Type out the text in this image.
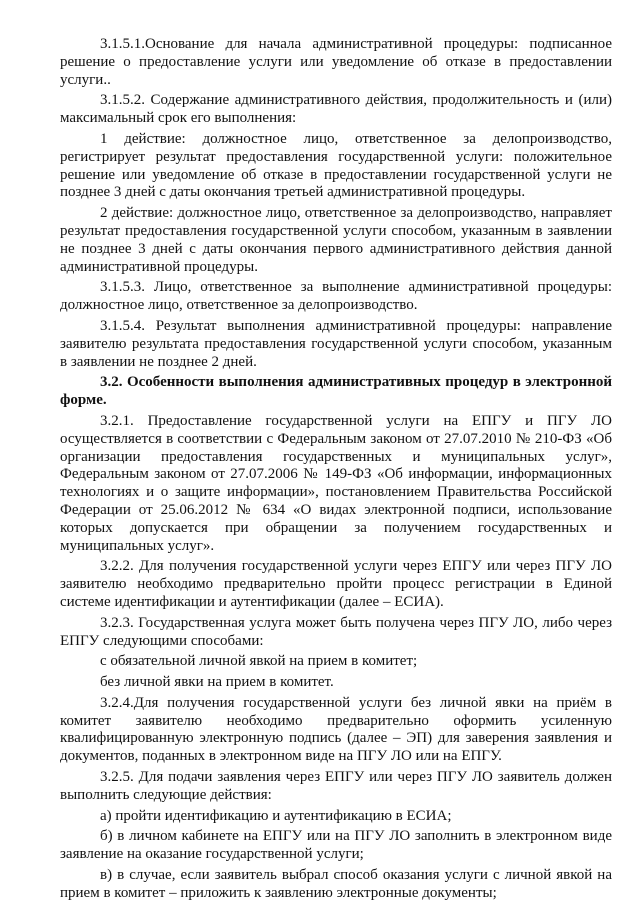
3.1.5.1.Основание для начала административной процедуры: подписанное решение о предоставление услуги или уведомление об отказе в предоставлении услуги..

3.1.5.2. Содержание административного действия, продолжительность и (или) максимальный срок его выполнения:

1 действие: должностное лицо, ответственное за делопроизводство, регистрирует результат предоставления государственной услуги: положительное решение или уведомление об отказе в предоставлении государственной услуги не позднее 3 дней с даты окончания третьей административной процедуры.

2 действие: должностное лицо, ответственное за делопроизводство, направляет результат предоставления государственной услуги способом, указанным в заявлении не позднее 3 дней с даты окончания первого административного действия данной административной процедуры.

3.1.5.3. Лицо, ответственное за выполнение административной процедуры: должностное лицо, ответственное за делопроизводство.

3.1.5.4. Результат выполнения административной процедуры: направление заявителю результата предоставления государственной услуги способом, указанным в заявлении не позднее 2 дней.

3.2. Особенности выполнения административных процедур в электронной форме.

3.2.1. Предоставление государственной услуги на ЕПГУ и ПГУ ЛО осуществляется в соответствии с Федеральным законом от 27.07.2010 № 210-ФЗ «Об организации предоставления государственных и муниципальных услуг», Федеральным законом от 27.07.2006 № 149-ФЗ «Об информации, информационных технологиях и о защите информации», постановлением Правительства Российской Федерации от 25.06.2012 № 634 «О видах электронной подписи, использование которых допускается при обращении за получением государственных и муниципальных услуг».

3.2.2. Для получения государственной услуги через ЕПГУ или через ПГУ ЛО заявителю необходимо предварительно пройти процесс регистрации в Единой системе идентификации и аутентификации (далее – ЕСИА).

3.2.3. Государственная услуга может быть получена через ПГУ ЛО, либо через ЕПГУ следующими способами:

с обязательной личной явкой на прием в комитет;

без личной явки на прием в комитет.

3.2.4.Для получения государственной услуги без личной явки на приём в комитет заявителю необходимо предварительно оформить усиленную квалифицированную электронную подпись (далее – ЭП) для заверения заявления и документов, поданных в электронном виде на ПГУ ЛО или на ЕПГУ.

3.2.5. Для подачи заявления через ЕПГУ или через ПГУ ЛО заявитель должен выполнить следующие действия:

а) пройти идентификацию и аутентификацию в ЕСИА;

б) в личном кабинете на ЕПГУ или на ПГУ ЛО заполнить в электронном виде заявление на оказание государственной услуги;

в) в случае, если заявитель выбрал способ оказания услуги с личной явкой на прием в комитет – приложить к заявлению электронные документы;
